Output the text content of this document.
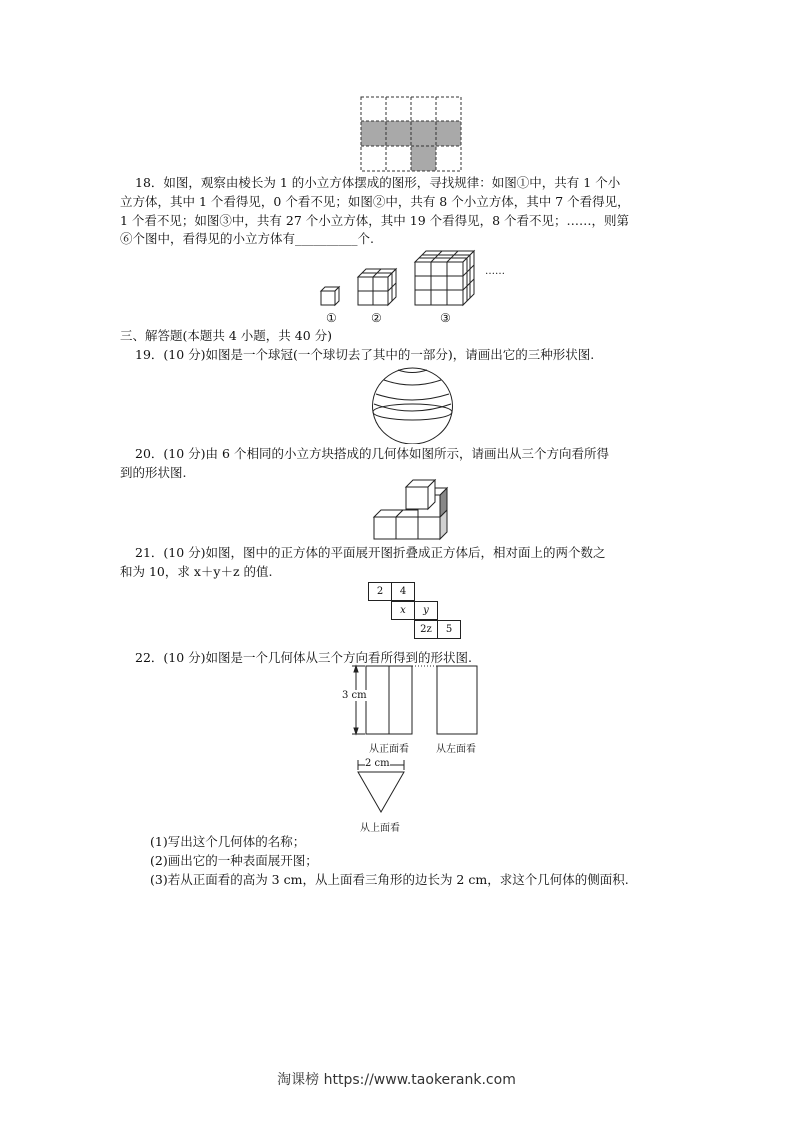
18．如图，观察由棱长为 1 的小立方体摆成的图形，寻找规律：如图①中，共有 1 个小
立方体，其中 1 个看得见，0 个看不见；如图②中，共有 8 个小立方体，其中 7 个看得见，
1 个看不见；如图③中，共有 27 个小立方体，其中 19 个看得见，8 个看不见；……，则第
⑥个图中，看得见的小立方体有__________个.
……
①	②	③
三、解答题(本题共 4 小题，共 40 分)
19．(10 分)如图是一个球冠(一个球切去了其中的一部分)，请画出它的三种形状图.
20．(10 分)由 6 个相同的小立方块搭成的几何体如图所示，请画出从三个方向看所得
到的形状图.
21．(10 分)如图，图中的正方体的平面展开图折叠成正方体后，相对面上的两个数之
和为 10，求 x＋y＋z 的值.
2	4
x	y
2z	5
22．(10 分)如图是一个几何体从三个方向看所得到的形状图.
3 cm
从正面看	从左面看
2 cm
从上面看
(1)写出这个几何体的名称；
(2)画出它的一种表面展开图；
(3)若从正面看的高为 3 cm，从上面看三角形的边长为 2 cm，求这个几何体的侧面积.
淘课榜 https://www.taokerank.com
